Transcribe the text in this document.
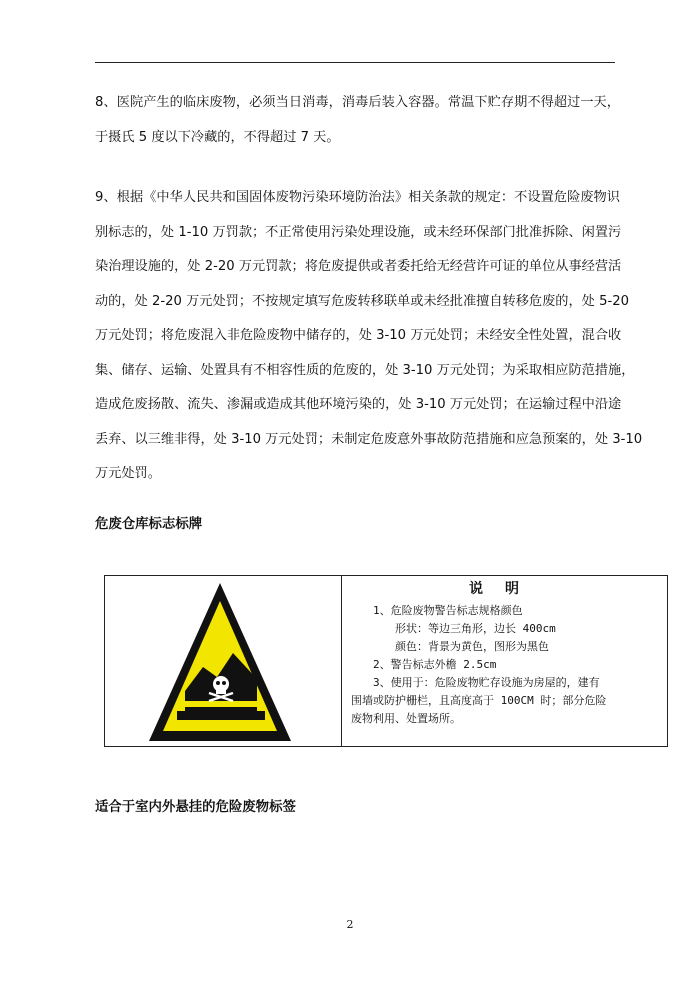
8、医院产生的临床废物，必须当日消毒，消毒后装入容器。常温下贮存期不得超过一天，
于摄氏 5 度以下冷藏的，不得超过 7 天。
9、根据《中华人民共和国固体废物污染环境防治法》相关条款的规定：不设置危险废物识
别标志的，处 1-10 万罚款；不正常使用污染处理设施，或未经环保部门批准拆除、闲置污
染治理设施的，处 2-20 万元罚款；将危废提供或者委托给无经营许可证的单位从事经营活
动的，处 2-20 万元处罚；不按规定填写危废转移联单或未经批准擅自转移危废的，处 5-20
万元处罚；将危废混入非危险废物中储存的，处 3-10 万元处罚；未经安全性处置，混合收
集、储存、运输、处置具有不相容性质的危废的，处 3-10 万元处罚；为采取相应防范措施，
造成危废扬散、流失、渗漏或造成其他环境污染的，处 3-10 万元处罚；在运输过程中沿途
丢弃、以三维非得，处 3-10 万元处罚；未制定危废意外事故防范措施和应急预案的，处 3-10
万元处罚。
危废仓库标志标牌
说明
1、危险废物警告标志规格颜色
形状：等边三角形，边长 400cm
颜色：背景为黄色，图形为黑色
2、警告标志外檐 2.5cm
3、使用于：危险废物贮存设施为房屋的，建有
围墙或防护栅栏，且高度高于 100CM 时；部分危险
废物利用、处置场所。
适合于室内外悬挂的危险废物标签
2
